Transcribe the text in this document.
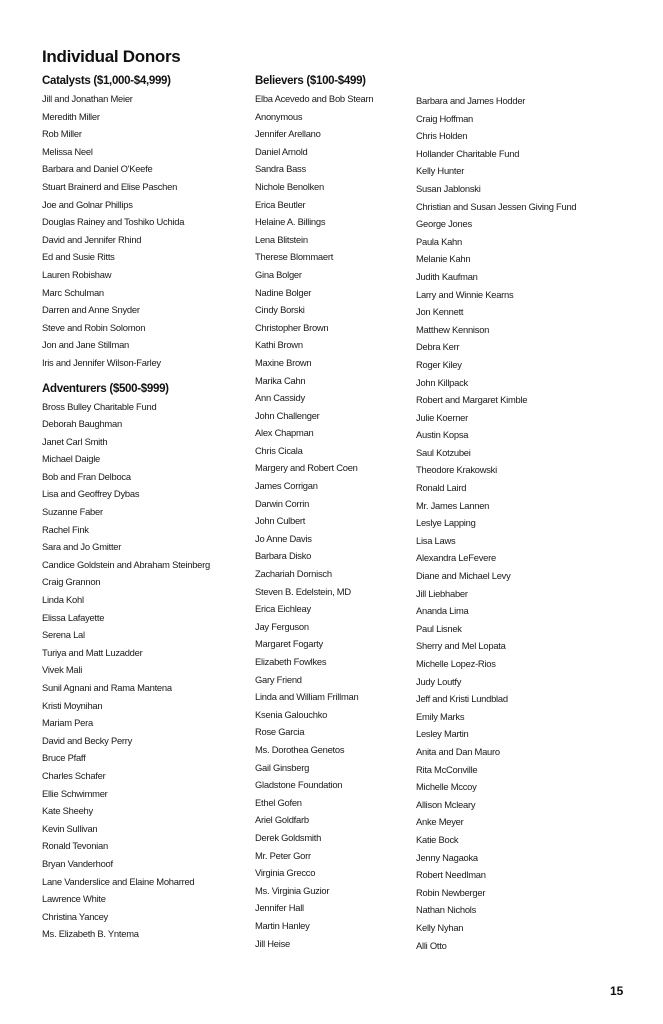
Individual Donors
Catalysts ($1,000-$4,999)
Jill and Jonathan Meier
Meredith Miller
Rob Miller
Melissa Neel
Barbara and Daniel O'Keefe
Stuart Brainerd and Elise Paschen
Joe and Golnar Phillips
Douglas Rainey and Toshiko Uchida
David and Jennifer Rhind
Ed and Susie Ritts
Lauren Robishaw
Marc Schulman
Darren and Anne Snyder
Steve and Robin Solomon
Jon and Jane Stillman
Iris and Jennifer Wilson-Farley
Adventurers ($500-$999)
Bross Bulley Charitable Fund
Deborah Baughman
Janet Carl Smith
Michael Daigle
Bob and Fran Delboca
Lisa and Geoffrey Dybas
Suzanne Faber
Rachel Fink
Sara and Jo Gmitter
Candice Goldstein and Abraham Steinberg
Craig Grannon
Linda Kohl
Elissa Lafayette
Serena Lal
Turiya and Matt Luzadder
Vivek Mali
Sunil Agnani and Rama Mantena
Kristi Moynihan
Mariam Pera
David and Becky Perry
Bruce Pfaff
Charles Schafer
Ellie Schwimmer
Kate Sheehy
Kevin Sullivan
Ronald Tevonian
Bryan Vanderhoof
Lane Vanderslice and Elaine Moharred
Lawrence White
Christina Yancey
Ms. Elizabeth B. Yntema
Believers ($100-$499)
Elba Acevedo and Bob Stearn
Anonymous
Jennifer Arellano
Daniel Arnold
Sandra Bass
Nichole Benolken
Erica Beutler
Helaine A. Billings
Lena Blitstein
Therese Blommaert
Gina Bolger
Nadine Bolger
Cindy Borski
Christopher Brown
Kathi Brown
Maxine Brown
Marika Cahn
Ann Cassidy
John Challenger
Alex Chapman
Chris Cicala
Margery and Robert Coen
James Corrigan
Darwin Corrin
John Culbert
Jo Anne Davis
Barbara Disko
Zachariah Dornisch
Steven B. Edelstein, MD
Erica Eichleay
Jay Ferguson
Margaret Fogarty
Elizabeth Fowlkes
Gary Friend
Linda and William Frillman
Ksenia Galouchko
Rose Garcia
Ms. Dorothea Genetos
Gail Ginsberg
Gladstone Foundation
Ethel Gofen
Ariel Goldfarb
Derek Goldsmith
Mr. Peter Gorr
Virginia Grecco
Ms. Virginia Guzior
Jennifer Hall
Martin Hanley
Jill Heise
Barbara and James Hodder
Craig Hoffman
Chris Holden
Hollander Charitable Fund
Kelly Hunter
Susan Jablonski
Christian and Susan Jessen Giving Fund
George Jones
Paula Kahn
Melanie Kahn
Judith Kaufman
Larry and Winnie Kearns
Jon Kennett
Matthew Kennison
Debra Kerr
Roger Kiley
John Killpack
Robert and Margaret Kimble
Julie Koerner
Austin Kopsa
Saul Kotzubei
Theodore Krakowski
Ronald Laird
Mr. James Lannen
Leslye Lapping
Lisa Laws
Alexandra LeFevere
Diane and Michael Levy
Jill Liebhaber
Ananda Lima
Paul Lisnek
Sherry and Mel Lopata
Michelle Lopez-Rios
Judy Loutfy
Jeff and Kristi Lundblad
Emily Marks
Lesley Martin
Anita and Dan Mauro
Rita McConville
Michelle Mccoy
Allison Mcleary
Anke Meyer
Katie Bock
Jenny Nagaoka
Robert Needlman
Robin Newberger
Nathan Nichols
Kelly Nyhan
Alli Otto
15
